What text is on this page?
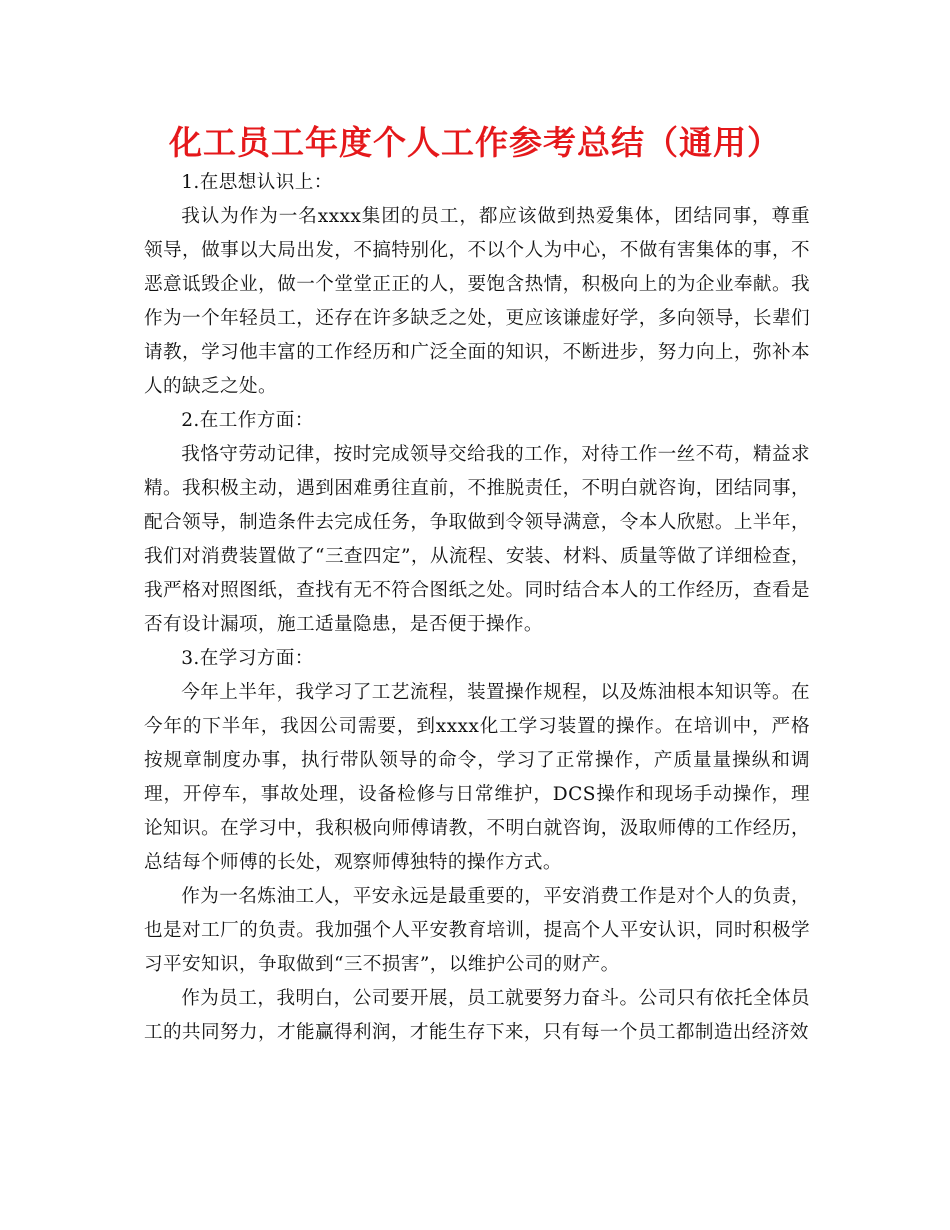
化工员工年度个人工作参考总结（通用）

1.在思想认识上：

我认为作为一名xxxx集团的员工，都应该做到热爱集体，团结同事，尊重领导，做事以大局出发，不搞特别化，不以个人为中心，不做有害集体的事，不恶意诋毁企业，做一个堂堂正正的人，要饱含热情，积极向上的为企业奉献。我作为一个年轻员工，还存在许多缺乏之处，更应该谦虚好学，多向领导，长辈们请教，学习他丰富的工作经历和广泛全面的知识，不断进步，努力向上，弥补本人的缺乏之处。

2.在工作方面：

我恪守劳动记律，按时完成领导交给我的工作，对待工作一丝不苟，精益求精。我积极主动，遇到困难勇往直前，不推脱责任，不明白就咨询，团结同事，配合领导，制造条件去完成任务，争取做到令领导满意，令本人欣慰。上半年，我们对消费装置做了“三查四定”，从流程、安装、材料、质量等做了详细检查，我严格对照图纸，查找有无不符合图纸之处。同时结合本人的工作经历，查看是否有设计漏项，施工适量隐患，是否便于操作。

3.在学习方面：

今年上半年，我学习了工艺流程，装置操作规程，以及炼油根本知识等。在今年的下半年，我因公司需要，到xxxx化工学习装置的操作。在培训中，严格按规章制度办事，执行带队领导的命令，学习了正常操作，产质量量操纵和调理，开停车，事故处理，设备检修与日常维护，DCS操作和现场手动操作，理论知识。在学习中，我积极向师傅请教，不明白就咨询，汲取师傅的工作经历，总结每个师傅的长处，观察师傅独特的操作方式。

作为一名炼油工人，平安永远是最重要的，平安消费工作是对个人的负责，也是对工厂的负责。我加强个人平安教育培训，提高个人平安认识，同时积极学习平安知识，争取做到“三不损害”，以维护公司的财产。

作为员工，我明白，公司要开展，员工就要努力奋斗。公司只有依托全体员工的共同努力，才能赢得利润，才能生存下来，只有每一个员工都制造出经济效
